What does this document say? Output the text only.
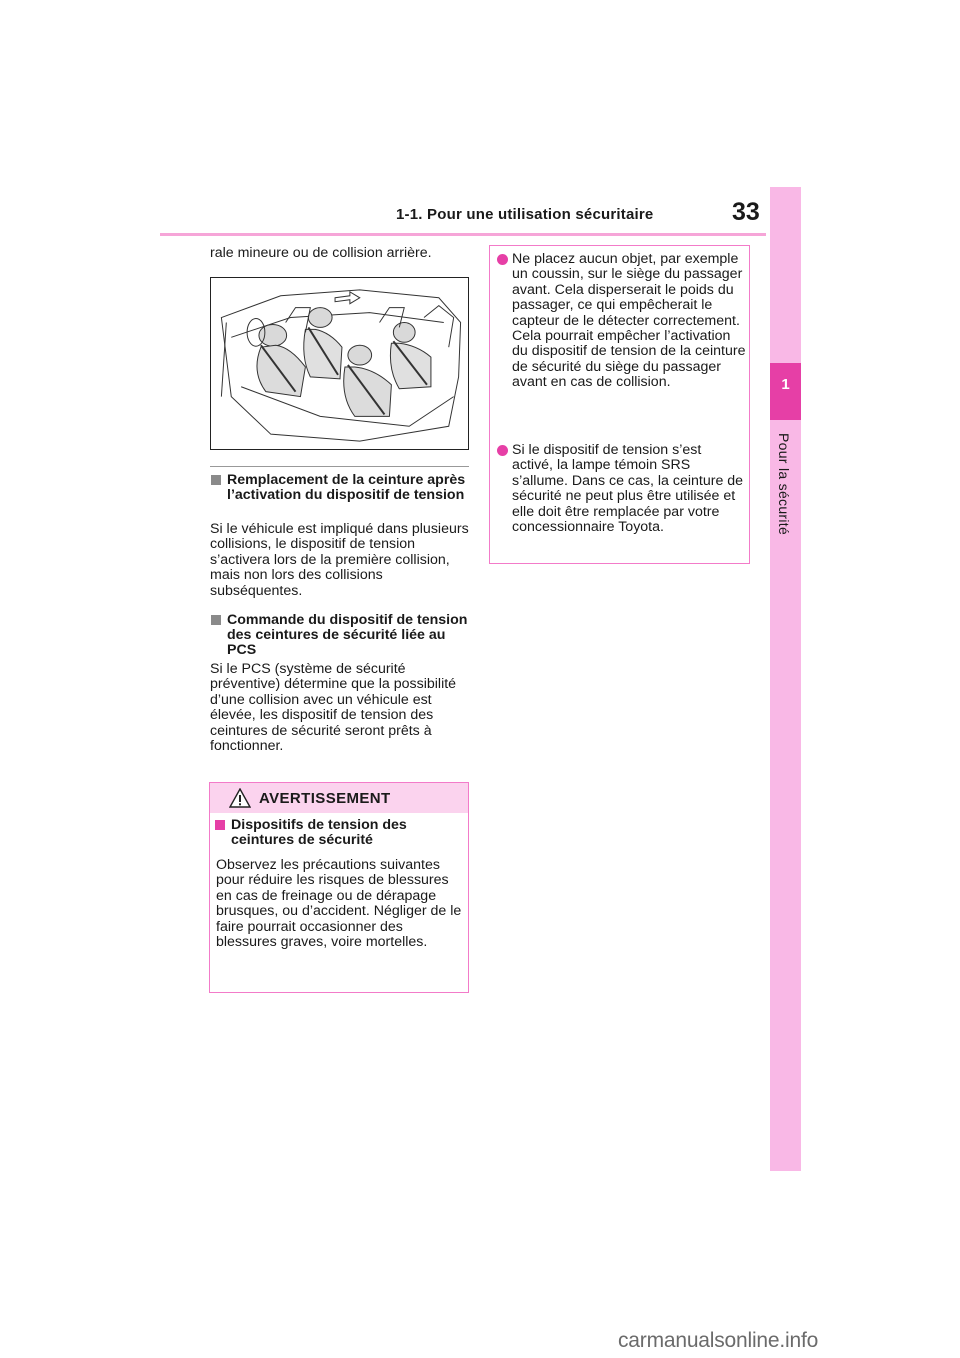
1-1. Pour une utilisation sécuritaire	33
1
Pour la sécurité
rale mineure ou de collision arrière.
Remplacement de la ceinture après l’activation du dispositif de tension
Si le véhicule est impliqué dans plusieurs collisions, le dispositif de tension s’activera lors de la première collision, mais non lors des collisions subséquentes.
Commande du dispositif de tension des ceintures de sécurité liée au PCS
Si le PCS (système de sécurité préventive) détermine que la possibilité d’une collision avec un véhicule est élevée, les dispositif de tension des ceintures de sécurité seront prêts à fonctionner.
AVERTISSEMENT
Dispositifs de tension des ceintures de sécurité
Observez les précautions suivantes pour réduire les risques de blessures en cas de freinage ou de dérapage brusques, ou d’accident. Négliger de le faire pourrait occasionner des blessures graves, voire mortelles.
Ne placez aucun objet, par exemple un coussin, sur le siège du passager avant. Cela disperserait le poids du passager, ce qui empêcherait le capteur de le détecter correctement. Cela pourrait empêcher l’activation du dispositif de tension de la ceinture de sécurité du siège du passager avant en cas de collision.
Si le dispositif de tension s’est activé, la lampe témoin SRS s’allume. Dans ce cas, la ceinture de sécurité ne peut plus être utilisée et elle doit être remplacée par votre concessionnaire Toyota.
carmanualsonline.info
